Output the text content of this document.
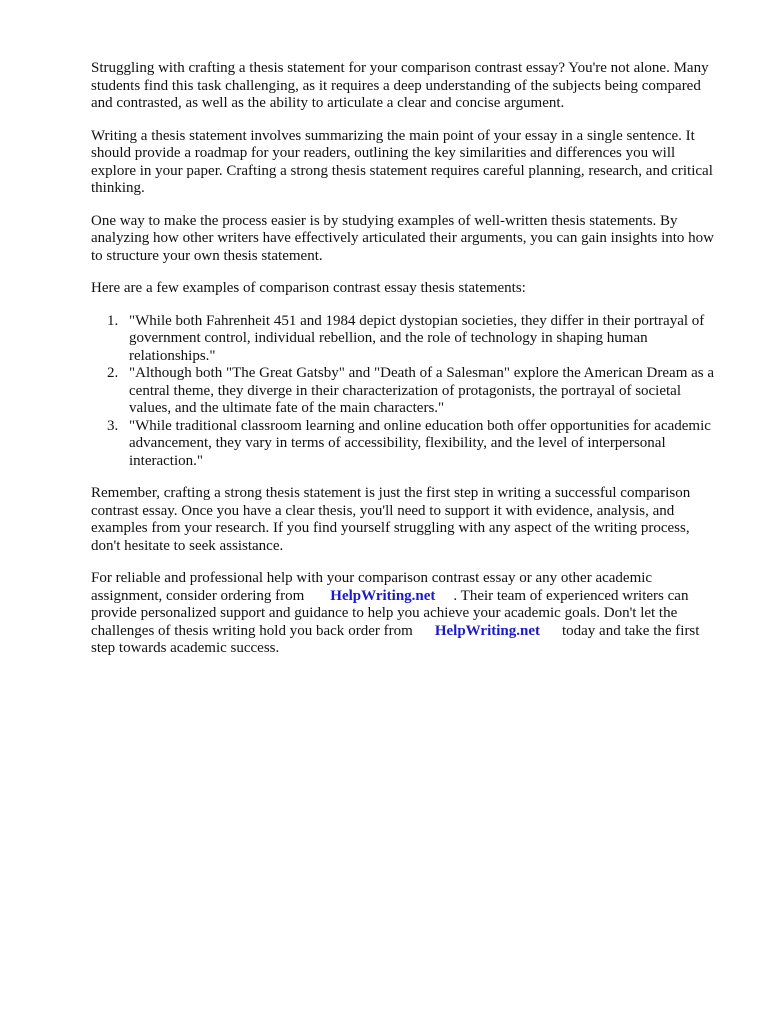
Struggling with crafting a thesis statement for your comparison contrast essay? You're not alone. Many students find this task challenging, as it requires a deep understanding of the subjects being compared and contrasted, as well as the ability to articulate a clear and concise argument.

Writing a thesis statement involves summarizing the main point of your essay in a single sentence. It should provide a roadmap for your readers, outlining the key similarities and differences you will explore in your paper. Crafting a strong thesis statement requires careful planning, research, and critical thinking.

One way to make the process easier is by studying examples of well-written thesis statements. By analyzing how other writers have effectively articulated their arguments, you can gain insights into how to structure your own thesis statement.

Here are a few examples of comparison contrast essay thesis statements:

1. "While both Fahrenheit 451 and 1984 depict dystopian societies, they differ in their portrayal of government control, individual rebellion, and the role of technology in shaping human relationships."
2. "Although both "The Great Gatsby" and "Death of a Salesman" explore the American Dream as a central theme, they diverge in their characterization of protagonists, the portrayal of societal values, and the ultimate fate of the main characters."
3. "While traditional classroom learning and online education both offer opportunities for academic advancement, they vary in terms of accessibility, flexibility, and the level of interpersonal interaction."

Remember, crafting a strong thesis statement is just the first step in writing a successful comparison contrast essay. Once you have a clear thesis, you'll need to support it with evidence, analysis, and examples from your research. If you find yourself struggling with any aspect of the writing process, don't hesitate to seek assistance.

For reliable and professional help with your comparison contrast essay or any other academic assignment, consider ordering from HelpWriting.net . Their team of experienced writers can provide personalized support and guidance to help you achieve your academic goals. Don't let the challenges of thesis writing hold you back order from HelpWriting.net today and take the first step towards academic success.
